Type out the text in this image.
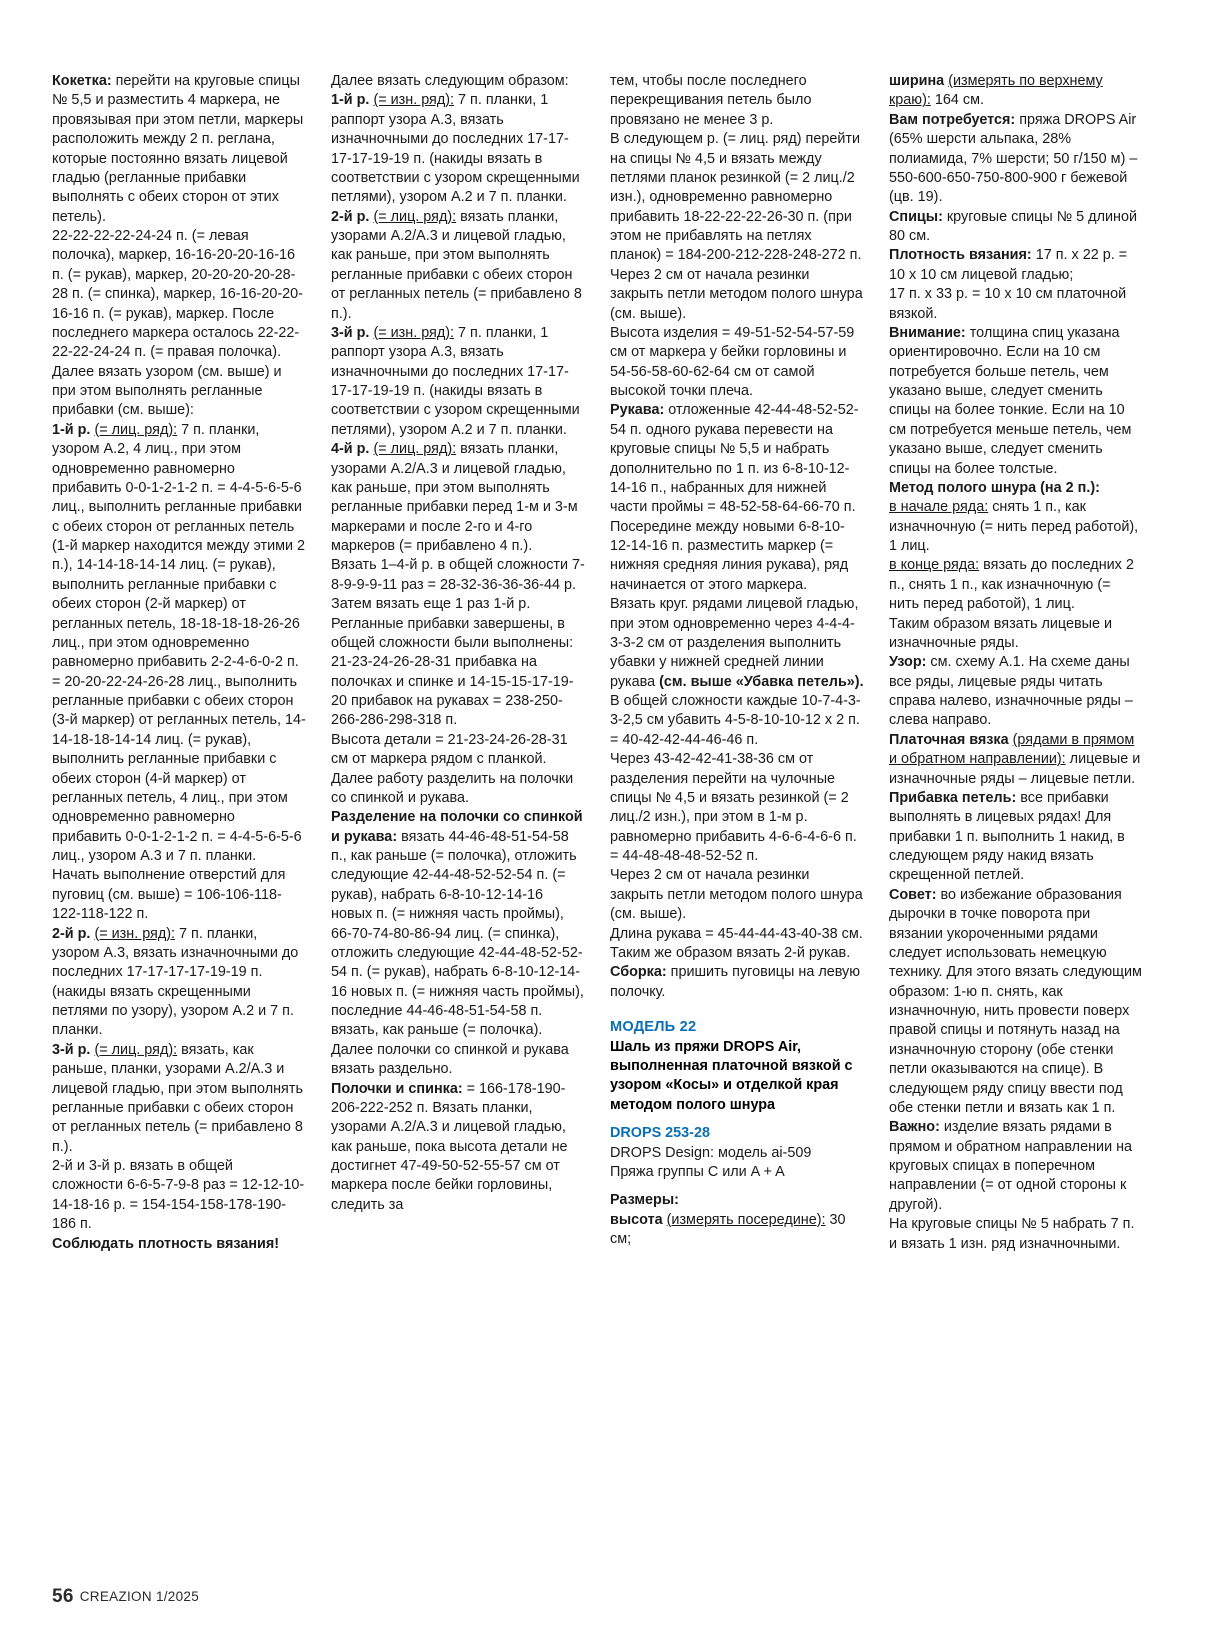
Кокетка: перейти на круговые спицы № 5,5 и разместить 4 маркера, не провязывая при этом петли, маркеры расположить между 2 п. реглана, которые постоянно вязать лицевой гладью (регланные прибавки выполнять с обеих сторон от этих петель).

22-22-22-22-24-24 п. (= левая полочка), маркер, 16-16-20-20-16-16 п. (= рукав), маркер, 20-20-20-20-28-28 п. (= спинка), маркер, 16-16-20-20-16-16 п. (= рукав), маркер. После последнего маркера осталось 22-22-22-22-24-24 п. (= правая полочка).

Далее вязать узором (см. выше) и при этом выполнять регланные прибавки (см. выше):

1-й р. (= лиц. ряд): 7 п. планки, узором А.2, 4 лиц., при этом одновременно равномерно прибавить 0-0-1-2-1-2 п. = 4-4-5-6-5-6 лиц., выполнить регланные прибавки с обеих сторон от регланных петель (1-й маркер находится между этими 2 п.), 14-14-18-14-14 лиц. (= рукав), выполнить регланные прибавки с обеих сторон (2-й маркер) от регланных петель, 18-18-18-18-26-26 лиц., при этом одновременно равномерно прибавить 2-2-4-6-0-2 п. = 20-20-22-24-26-28 лиц., выполнить регланные прибавки с обеих сторон (3-й маркер) от регланных петель, 14-14-18-18-14-14 лиц. (= рукав), выполнить регланные прибавки с обеих сторон (4-й маркер) от регланных петель, 4 лиц., при этом одновременно равномерно прибавить 0-0-1-2-1-2 п. = 4-4-5-6-5-6 лиц., узором А.3 и 7 п. планки.

Начать выполнение отверстий для пуговиц (см. выше) = 106-106-118-122-118-122 п.

2-й р. (= изн. ряд): 7 п. планки, узором А.3, вязать изначночными до последних 17-17-17-17-19-19 п. (накиды вязать скрещенными петлями по узору), узором А.2 и 7 п. планки.

3-й р. (= лиц. ряд): вязать, как раньше, планки, узорами А.2/А.3 и лицевой гладью, при этом выполнять регланные прибавки с обеих сторон от регланных петель (= прибавлено 8 п.).

2-й и 3-й р. вязать в общей сложности 6-6-5-7-9-8 раз = 12-12-10-14-18-16 р. = 154-154-158-178-190-186 п.

Соблюдать плотность вязания!

Далее вязать следующим образом:

1-й р. (= изн. ряд): 7 п. планки, 1 раппорт узора А.3, вязать изначночными до последних 17-17-17-17-19-19 п. (накиды вязать в соответствии с узором скрещенными петлями), узором А.2 и 7 п. планки.

2-й р. (= лиц. ряд): вязать планки, узорами А.2/А.3 и лицевой гладью, как раньше, при этом выполнять регланные прибавки с обеих сторон от регланных петель (= прибавлено 8 п.).

3-й р. (= изн. ряд): 7 п. планки, 1 раппорт узора А.3, вязать изначночными до последних 17-17-17-17-19-19 п. (накиды вязать в соответствии с узором скрещенными петлями), узором А.2 и 7 п. планки.

4-й р. (= лиц. ряд): вязать планки, узорами А.2/А.3 и лицевой гладью, как раньше, при этом выполнять регланные прибавки перед 1-м и 3-м маркерами и после 2-го и 4-го маркеров (= прибавлено 4 п.).

Вязать 1–4-й р. в общей сложности 7-8-9-9-9-11 раз = 28-32-36-36-36-44 р.

Затем вязать еще 1 раз 1-й р. Регланные прибавки завершены, в общей сложности были выполнены: 21-23-24-26-28-31 прибавка на полочках и спинке и 14-15-15-17-19-20 прибавок на рукавах = 238-250-266-286-298-318 п.

Высота детали = 21-23-24-26-28-31 см от маркера рядом с планкой. Далее работу разделить на полочки со спинкой и рукава.

Разделение на полочки со спинкой и рукава: вязать 44-46-48-51-54-58 п., как раньше (= полочка), отложить следующие 42-44-48-52-52-54 п. (= рукав), набрать 6-8-10-12-14-16 новых п. (= нижняя часть проймы), 66-70-74-80-86-94 лиц. (= спинка), отложить следующие 42-44-48-52-52-54 п. (= рукав), набрать 6-8-10-12-14-16 новых п. (= нижняя часть проймы), последние 44-46-48-51-54-58 п. вязать, как раньше (= полочка).

Далее полочки со спинкой и рукава вязать раздельно.

Полочки и спинка: = 166-178-190-206-222-252 п. Вязать планки, узорами А.2/А.3 и лицевой гладью, как раньше, пока высота детали не достигнет 47-49-50-52-55-57 см от маркера после бейки горловины, следить за

тем, чтобы после последнего перекрещивания петель было провязано не менее 3 р.

В следующем р. (= лиц. ряд) перейти на спицы № 4,5 и вязать между петлями планок резинкой (= 2 лиц./2 изн.), одновременно равномерно прибавить 18-22-22-22-26-30 п. (при этом не прибавлять на петлях планок) = 184-200-212-228-248-272 п.

Через 2 см от начала резинки закрыть петли методом полого шнура (см. выше).

Высота изделия = 49-51-52-54-57-59 см от маркера у бейки горловины и 54-56-58-60-62-64 см от самой высокой точки плеча.

Рукава: отложенные 42-44-48-52-52-54 п. одного рукава перевести на круговые спицы № 5,5 и набрать дополнительно по 1 п. из 6-8-10-12-14-16 п., набранных для нижней части проймы = 48-52-58-64-66-70 п.

Посередине между новыми 6-8-10-12-14-16 п. разместить маркер (= нижняя средняя линия рукава), ряд начинается от этого маркера.

Вязать круг. рядами лицевой гладью, при этом одновременно через 4-4-4-3-3-2 см от разделения выполнить убавки у нижней средней линии рукава (см. выше «Убавка петель»). В общей сложности каждые 10-7-4-3-3-2,5 см убавить 4-5-8-10-10-12 х 2 п. = 40-42-42-44-46-46 п.

Через 43-42-42-41-38-36 см от разделения перейти на чулочные спицы № 4,5 и вязать резинкой (= 2 лиц./2 изн.), при этом в 1-м р. равномерно прибавить 4-6-6-4-6-6 п. = 44-48-48-48-52-52 п.

Через 2 см от начала резинки закрыть петли методом полого шнура (см. выше).

Длина рукава = 45-44-44-43-40-38 см. Таким же образом вязать 2-й рукав.

Сборка: пришить пуговицы на левую полочку.

МОДЕЛЬ 22

Шаль из пряжи DROPS Air, выполненная платочной вязкой с узором «Косы» и отделкой края методом полого шнура

DROPS 253-28

DROPS Design: модель ai-509

Пряжа группы C или A + A

Размеры:

высота (измерять посередине): 30 см;

ширина (измерять по верхнему краю): 164 см.

Вам потребуется: пряжа DROPS Air (65% шерсти альпака, 28% полиамида, 7% шерсти; 50 г/150 м) – 550-600-650-750-800-900 г бежевой (цв. 19).

Спицы: круговые спицы № 5 длиной 80 см.

Плотность вязания: 17 п. х 22 р. = 10 х 10 см лицевой гладью;

17 п. х 33 р. = 10 х 10 см платочной вязкой.

Внимание: толщина спиц указана ориентировочно. Если на 10 см потребуется больше петель, чем указано выше, следует сменить спицы на более тонкие. Если на 10 см потребуется меньше петель, чем указано выше, следует сменить спицы на более толстые.

Метод полого шнура (на 2 п.):

в начале ряда: снять 1 п., как изначночную (= нить перед работой), 1 лиц.

в конце ряда: вязать до последних 2 п., снять 1 п., как изначночную (= нить перед работой), 1 лиц.

Таким образом вязать лицевые и изначночные ряды.

Узор: см. схему А.1. На схеме даны все ряды, лицевые ряды читать справа налево, изначночные ряды – слева направо.

Платочная вязка (рядами в прямом и обратном направлении): лицевые и изначночные ряды – лицевые петли.

Прибавка петель: все прибавки выполнять в лицевых рядах! Для прибавки 1 п. выполнить 1 накид, в следующем ряду накид вязать скрещенной петлей.

Совет: во избежание образования дырочки в точке поворота при вязании укороченными рядами следует использовать немецкую технику. Для этого вязать следующим образом: 1-ю п. снять, как изначночную, нить провести поверх правой спицы и потянуть назад на изначночную сторону (обе стенки петли оказываются на спице). В следующем ряду спицу ввести под обе стенки петли и вязать как 1 п.

Важно: изделие вязать рядами в прямом и обратном направлении на круговых спицах в поперечном направлении (= от одной стороны к другой).

На круговые спицы № 5 набрать 7 п. и вязать 1 изн. ряд изначночными.

56 CREAZION 1/2025
